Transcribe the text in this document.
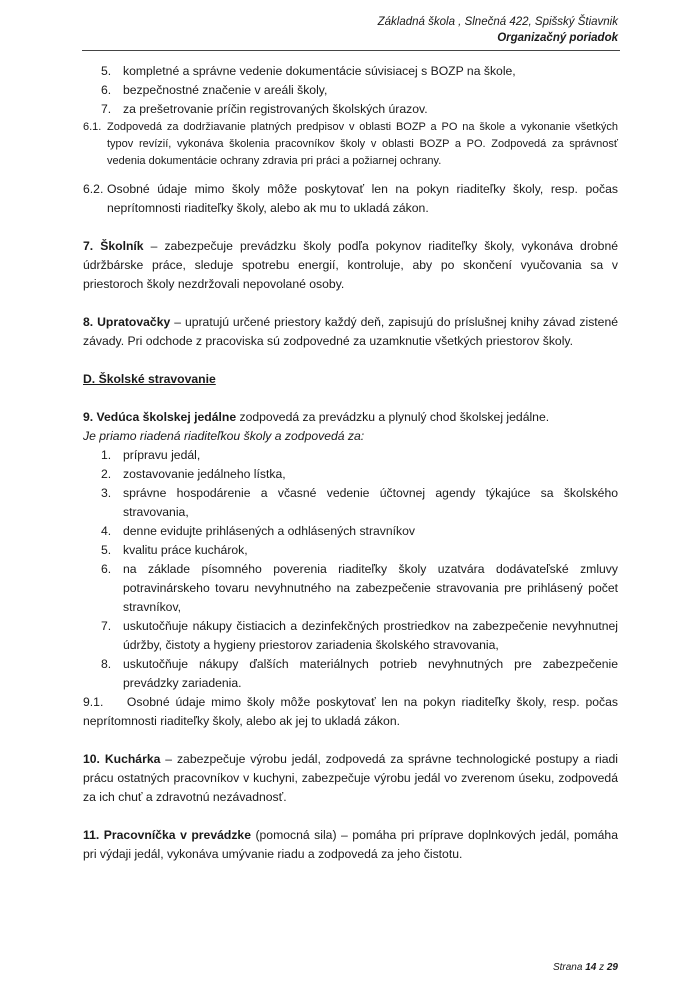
Základná škola , Slnečná 422, Spišský Štiavnik
Organizačný poriadok
5. kompletné a správne vedenie dokumentácie súvisiacej s BOZP na škole,
6. bezpečnostné značenie v areáli školy,
7. za prešetrovanie príčin registrovaných školských úrazov.
6.1. Zodpovedá za dodržiavanie platných predpisov v oblasti BOZP a PO na škole a vykonanie všetkých typov revízií, vykonáva školenia pracovníkov školy v oblasti BOZP a PO. Zodpovedá za správnosť vedenia dokumentácie ochrany zdravia pri práci a požiarnej ochrany.
6.2. Osobné údaje mimo školy môže poskytovať len na pokyn riaditeľky školy, resp. počas neprítomnosti riaditeľky školy, alebo ak mu to ukladá zákon.
7. Školník – zabezpečuje prevádzku školy podľa pokynov riaditeľky školy, vykonáva drobné údržbárske práce, sleduje spotrebu energií, kontroluje, aby po skončení vyučovania sa v priestoroch školy nezdržovali nepovolané osoby.
8. Upratovačky – upratujú určené priestory každý deň, zapisujú do príslušnej knihy závad zistené závady. Pri odchode z pracoviska sú zodpovedné za uzamknutie všetkých priestorov školy.
D. Školské stravovanie
9. Vedúca školskej jedálne zodpovedá za prevádzku a plynulý chod školskej jedálne.
Je priamo riadená riaditeľkou školy a zodpovedá za:
1. prípravu jedál,
2. zostavovanie jedálneho lístka,
3. správne hospodárenie a včasné vedenie účtovnej agendy týkajúce sa školského stravovania,
4. denne evidujte prihlásených a odhlásených stravníkov
5. kvalitu práce kuchárok,
6. na základe písomného poverenia riaditeľky školy uzatvára dodávateľské zmluvy potravinárskeho tovaru nevyhnutného na zabezpečenie stravovania pre prihlásený počet stravníkov,
7. uskutočňuje nákupy čistiacich a dezinfekčných prostriedkov na zabezpečenie nevyhnutnej údržby, čistoty a hygieny priestorov zariadenia školského stravovania,
8. uskutočňuje nákupy ďalších materiálnych potrieb nevyhnutných pre zabezpečenie prevádzky zariadenia.
9.1. Osobné údaje mimo školy môže poskytovať len na pokyn riaditeľky školy, resp. počas neprítomnosti riaditeľky školy, alebo ak jej to ukladá zákon.
10. Kuchárka – zabezpečuje výrobu jedál, zodpovedá za správne technologické postupy a riadi prácu ostatných pracovníkov v kuchyni, zabezpečuje výrobu jedál vo zverenom úseku, zodpovedá za ich chuť a zdravotnú nezávadnosť.
11. Pracovníčka v prevádzke (pomocná sila) – pomáha pri príprave doplnkových jedál, pomáha pri výdaji jedál, vykonáva umývanie riadu a zodpovedá za jeho čistotu.
Strana 14 z 29
